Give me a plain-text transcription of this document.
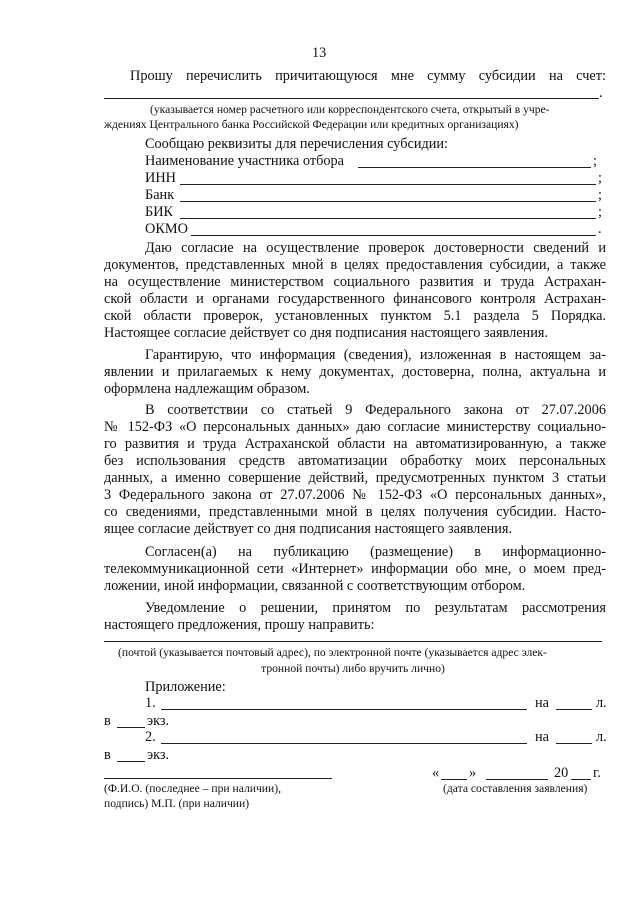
13
Прошу перечислить причитающуюся мне сумму субсидии на счет:
.
(указывается номер расчетного или корреспондентского счета, открытый в учре-
ждениях Центрального банка Российской Федерации или кредитных организациях)
Сообщаю реквизиты для перечисления субсидии:
Наименование участника отбора	;
ИНН	;
Банк	;
БИК	;
ОКМО	.
Даю согласие на осуществление проверок достоверности сведений и
документов, представленных мной в целях предоставления субсидии, а также
на осуществление министерством социального развития и труда Астрахан-
ской области и органами государственного финансового контроля Астрахан-
ской области проверок, установленных пунктом 5.1 раздела 5 Порядка.
Настоящее согласие действует со дня подписания настоящего заявления.
Гарантирую, что информация (сведения), изложенная в настоящем за-
явлении и прилагаемых к нему документах, достоверна, полна, актуальна и
оформлена надлежащим образом.
В соответствии со статьей 9 Федерального закона от 27.07.2006
№ 152-ФЗ «О персональных данных» даю согласие министерству социально-
го развития и труда Астраханской области на автоматизированную, а также
без использования средств автоматизации обработку моих персональных
данных, а именно совершение действий, предусмотренных пунктом 3 статьи
3 Федерального закона от 27.07.2006 № 152-ФЗ «О персональных данных»,
со сведениями, представленными мной в целях получения субсидии. Насто-
ящее согласие действует со дня подписания настоящего заявления.
Согласен(а) на публикацию (размещение) в информационно-
телекоммуникационной сети «Интернет» информации обо мне, о моем пред-
ложении, иной информации, связанной с соответствующим отбором.
Уведомление о решении, принятом по результатам рассмотрения
настоящего предложения, прошу направить:
(почтой (указывается почтовый адрес), по электронной почте (указывается адрес элек-
тронной почты) либо вручить лично)
Приложение:
1.	на	л.
в	экз.
2.	на	л.
в	экз.
« »	20 г.
(Ф.И.О. (последнее – при наличии),
подпись) М.П. (при наличии)
(дата составления заявления)
